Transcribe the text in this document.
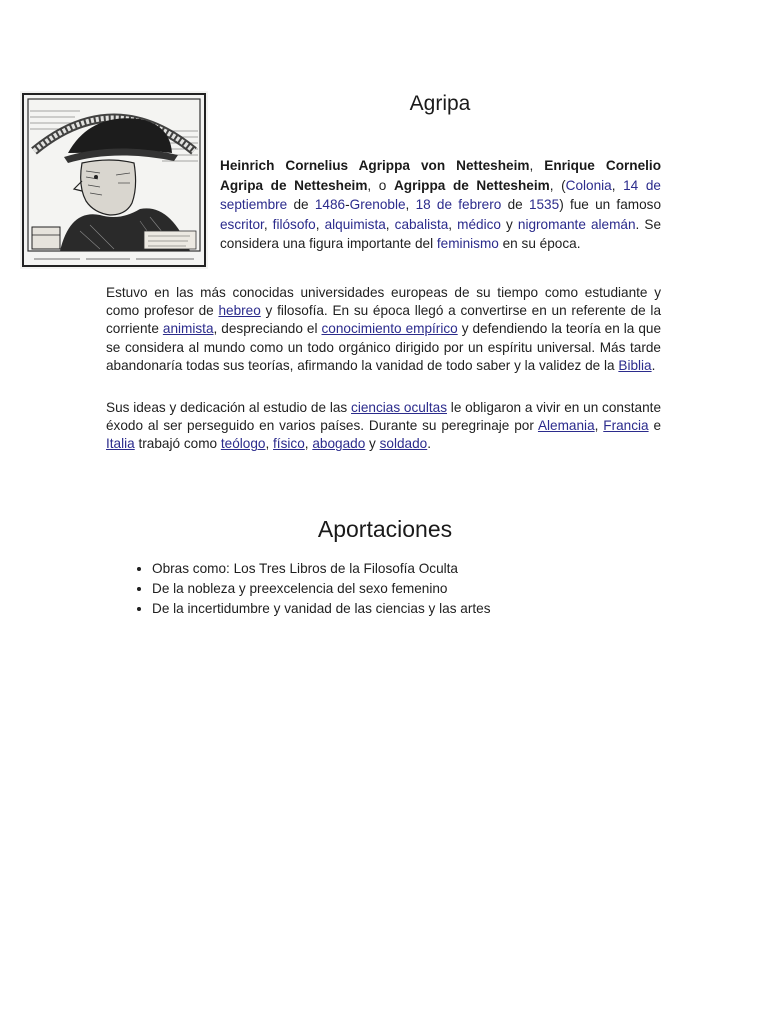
Agripa

Heinrich Cornelius Agrippa von Nettesheim, Enrique Cornelio Agripa de Nettesheim, o Agrippa de Nettesheim, (Colonia, 14 de septiembre de 1486-Grenoble, 18 de febrero de 1535) fue un famoso escritor, filósofo, alquimista, cabalista, médico y nigromante alemán. Se considera una figura importante del feminismo en su época.

Estuvo en las más conocidas universidades europeas de su tiempo como estudiante y como profesor de hebreo y filosofía. En su época llegó a convertirse en un referente de la corriente animista, despreciando el conocimiento empírico y defendiendo la teoría en la que se considera al mundo como un todo orgánico dirigido por un espíritu universal. Más tarde abandonaría todas sus teorías, afirmando la vanidad de todo saber y la validez de la Biblia.

Sus ideas y dedicación al estudio de las ciencias ocultas le obligaron a vivir en un constante éxodo al ser perseguido en varios países. Durante su peregrinaje por Alemania, Francia e Italia trabajó como teólogo, físico, abogado y soldado.

Aportaciones
• Obras como: Los Tres Libros de la Filosofía Oculta
• De la nobleza y preexcelencia del sexo femenino
• De la incertidumbre y vanidad de las ciencias y las artes
